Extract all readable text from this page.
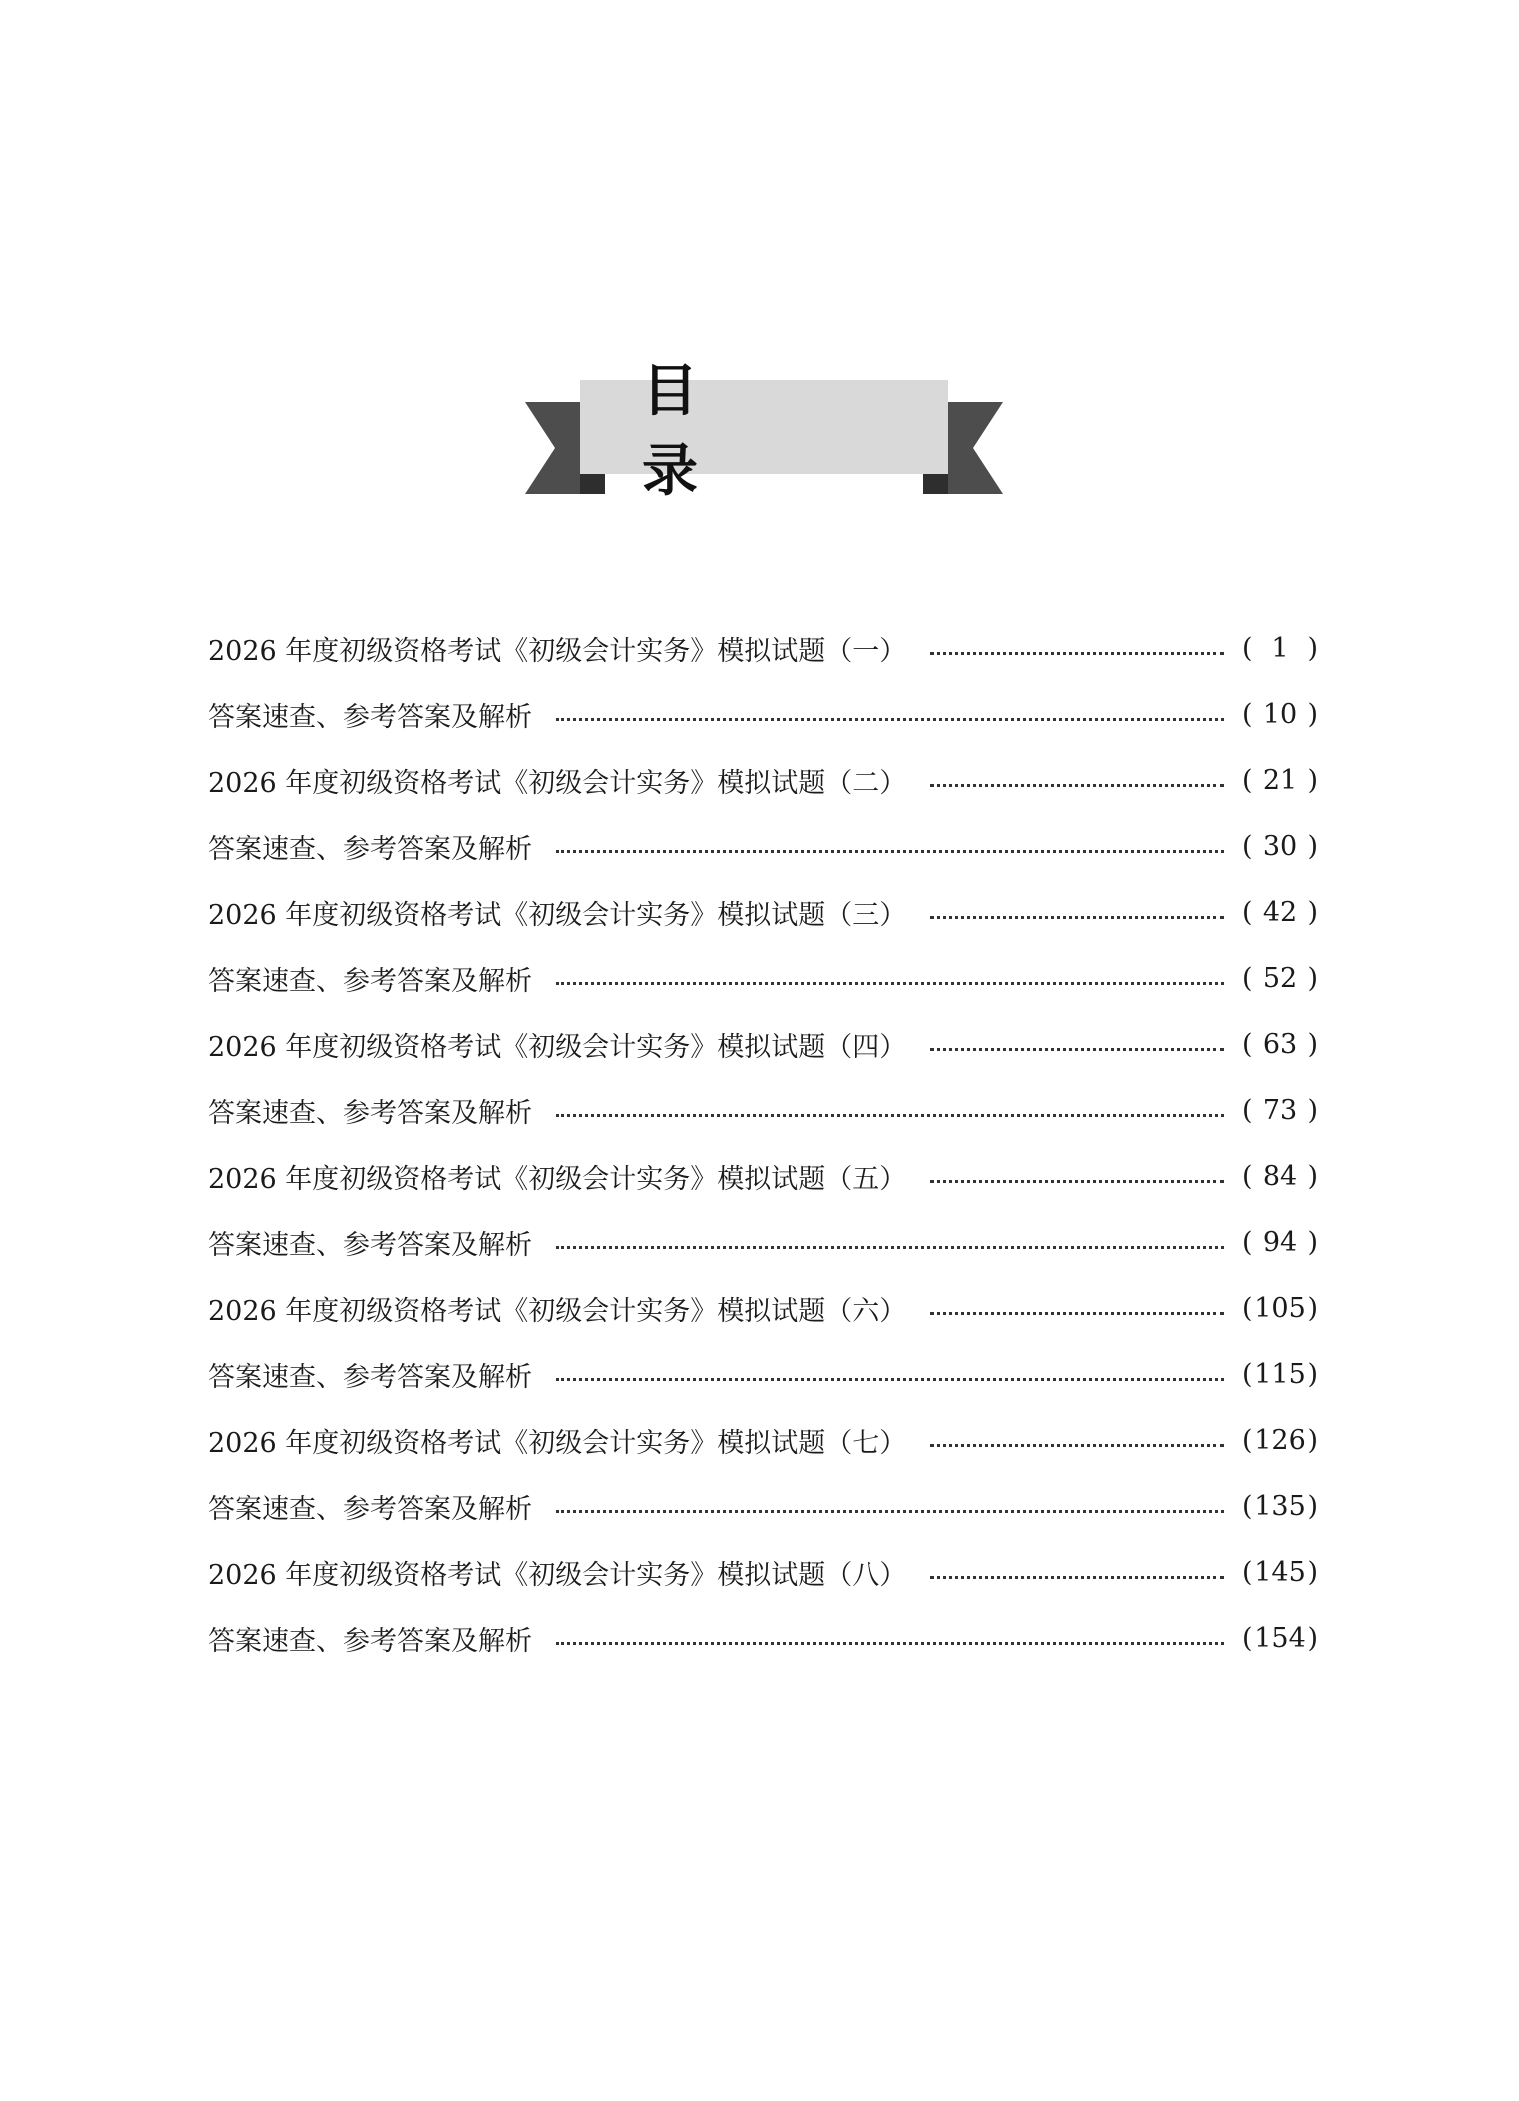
目 录
2026 年度初级资格考试《初级会计实务》模拟试题（一）	( 1 )
答案速查、参考答案及解析	( 10 )
2026 年度初级资格考试《初级会计实务》模拟试题（二）	( 21 )
答案速查、参考答案及解析	( 30 )
2026 年度初级资格考试《初级会计实务》模拟试题（三）	( 42 )
答案速查、参考答案及解析	( 52 )
2026 年度初级资格考试《初级会计实务》模拟试题（四）	( 63 )
答案速查、参考答案及解析	( 73 )
2026 年度初级资格考试《初级会计实务》模拟试题（五）	( 84 )
答案速查、参考答案及解析	( 94 )
2026 年度初级资格考试《初级会计实务》模拟试题（六）	( 105 )
答案速查、参考答案及解析	( 115 )
2026 年度初级资格考试《初级会计实务》模拟试题（七）	( 126 )
答案速查、参考答案及解析	( 135 )
2026 年度初级资格考试《初级会计实务》模拟试题（八）	( 145 )
答案速查、参考答案及解析	( 154 )
